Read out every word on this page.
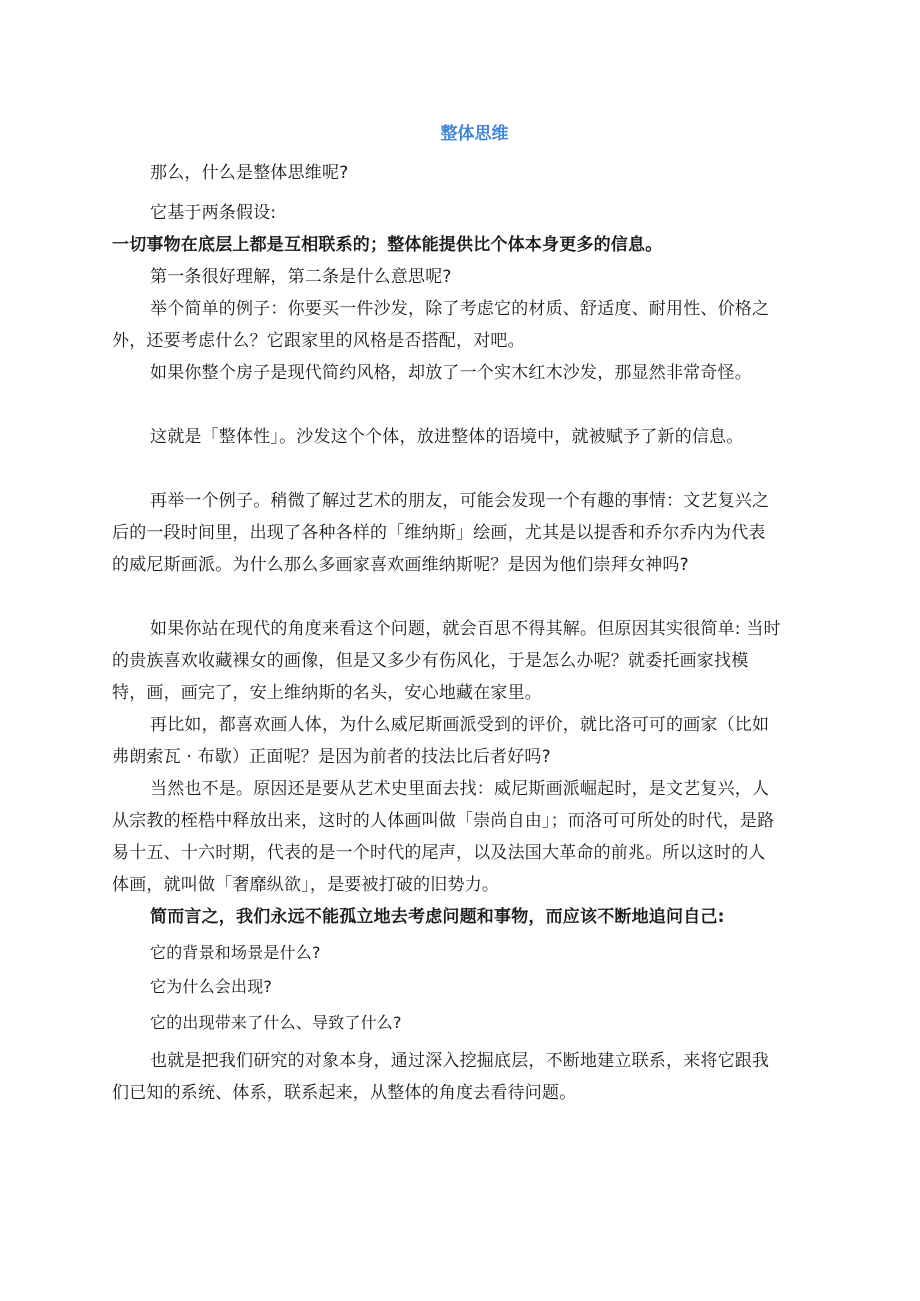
整体思维

那么，什么是整体思维呢?

它基于两条假设:

一切事物在底层上都是互相联系的；整体能提供比个体本身更多的信息。

第一条很好理解，第二条是什么意思呢?

举个简单的例子：你要买一件沙发，除了考虑它的材质、舒适度、耐用性、价格之外，还要考虑什么？它跟家里的风格是否搭配，对吧。

如果你整个房子是现代简约风格，却放了一个实木红木沙发，那显然非常奇怪。

这就是「整体性」。沙发这个个体，放进整体的语境中，就被赋予了新的信息。

再举一个例子。稍微了解过艺术的朋友，可能会发现一个有趣的事情：文艺复兴之后的一段时间里，出现了各种各样的「维纳斯」绘画，尤其是以提香和乔尔乔内为代表的威尼斯画派。为什么那么多画家喜欢画维纳斯呢？是因为他们崇拜女神吗?

如果你站在现代的角度来看这个问题，就会百思不得其解。但原因其实很简单: 当时的贵族喜欢收藏裸女的画像，但是又多少有伤风化，于是怎么办呢？就委托画家找模特，画，画完了，安上维纳斯的名头，安心地藏在家里。

再比如，都喜欢画人体，为什么威尼斯画派受到的评价，就比洛可可的画家（比如弗朗索瓦 · 布歇）正面呢？是因为前者的技法比后者好吗?

当然也不是。原因还是要从艺术史里面去找：威尼斯画派崛起时，是文艺复兴，人从宗教的桎梏中释放出来，这时的人体画叫做「崇尚自由」；而洛可可所处的时代，是路易十五、十六时期，代表的是一个时代的尾声，以及法国大革命的前兆。所以这时的人体画，就叫做「奢靡纵欲」，是要被打破的旧势力。

简而言之，我们永远不能孤立地去考虑问题和事物，而应该不断地追问自己:

它的背景和场景是什么?

它为什么会出现?

它的出现带来了什么、导致了什么?

也就是把我们研究的对象本身，通过深入挖掘底层，不断地建立联系，来将它跟我们已知的系统、体系，联系起来，从整体的角度去看待问题。
